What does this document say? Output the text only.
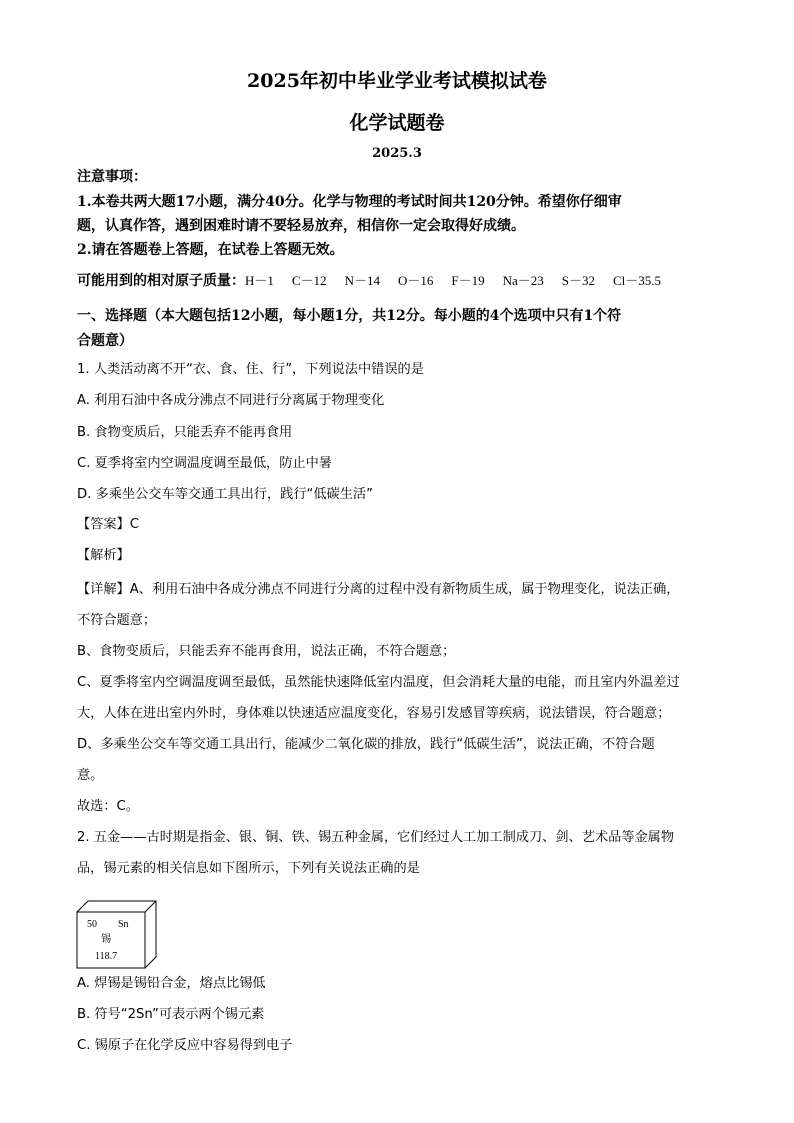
2025年初中毕业学业考试模拟试卷
化学试题卷
2025.3
注意事项：
1.本卷共两大题17小题，满分40分。化学与物理的考试时间共120分钟。希望你仔细审
题，认真作答，遇到困难时请不要轻易放弃，相信你一定会取得好成绩。
2.请在答题卷上答题，在试卷上答题无效。
可能用到的相对原子质量：H－1 C－12 N－14 O－16 F－19 Na－23 S－32 Cl－35.5
一、选择题（本大题包括12小题，每小题1分，共12分。每小题的4个选项中只有1个符
合题意）
1. 人类活动离不开“衣、食、住、行”，下列说法中错误的是
A. 利用石油中各成分沸点不同进行分离属于物理变化
B. 食物变质后，只能丢弃不能再食用
C. 夏季将室内空调温度调至最低，防止中暑
D. 多乘坐公交车等交通工具出行，践行“低碳生活”
【答案】C
【解析】
【详解】A、利用石油中各成分沸点不同进行分离的过程中没有新物质生成，属于物理变化，说法正确，
不符合题意；
B、食物变质后，只能丢弃不能再食用，说法正确，不符合题意；
C、夏季将室内空调温度调至最低，虽然能快速降低室内温度，但会消耗大量的电能，而且室内外温差过
大，人体在进出室内外时，身体难以快速适应温度变化，容易引发感冒等疾病，说法错误，符合题意；
D、多乘坐公交车等交通工具出行，能减少二氧化碳的排放，践行“低碳生活”，说法正确，不符合题
意。
故选：C。
2. 五金——古时期是指金、银、铜、铁、锡五种金属，它们经过人工加工制成刀、剑、艺术品等金属物
品，锡元素的相关信息如下图所示，下列有关说法正确的是
50 Sn
锡
118.7
A. 焊锡是锡铅合金，熔点比锡低
B. 符号“2Sn”可表示两个锡元素
C. 锡原子在化学反应中容易得到电子
